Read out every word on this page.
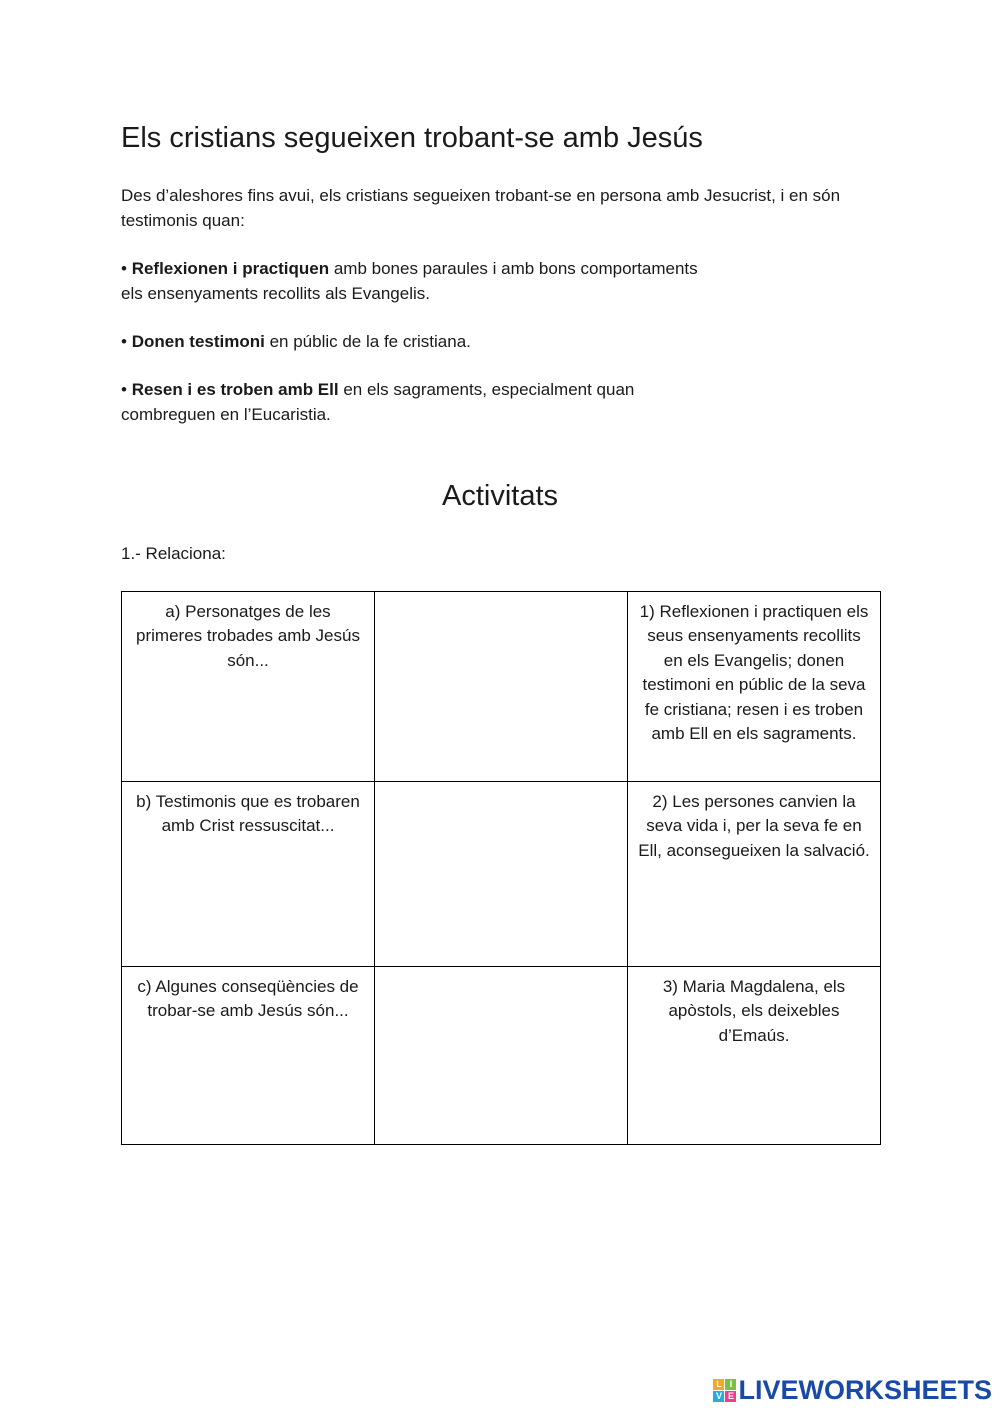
Els cristians segueixen trobant-se amb Jesús

Des d’aleshores fins avui, els cristians segueixen trobant-se en persona amb Jesucrist, i en són testimonis quan:

• Reflexionen i practiquen amb bones paraules i amb bons comportaments
els ensenyaments recollits als Evangelis.

• Donen testimoni en públic de la fe cristiana.

• Resen i es troben amb Ell en els sagraments, especialment quan
combreguen en l’Eucaristia.

Activitats

1.- Relaciona:

a) Personatges de les primeres trobades amb Jesús són...		1) Reflexionen i practiquen els seus ensenyaments recollits en els Evangelis; donen testimoni en públic de la seva fe cristiana; resen i es troben amb Ell en els sagraments.
b) Testimonis que es trobaren amb Crist ressuscitat...		2) Les persones canvien la seva vida i, per la seva fe en Ell, aconsegueixen la salvació.
c) Algunes conseqüències de trobar-se amb Jesús són...		3) Maria Magdalena, els apòstols, els deixebles d’Emaús.
L I
V E LIVEWORKSHEETS
